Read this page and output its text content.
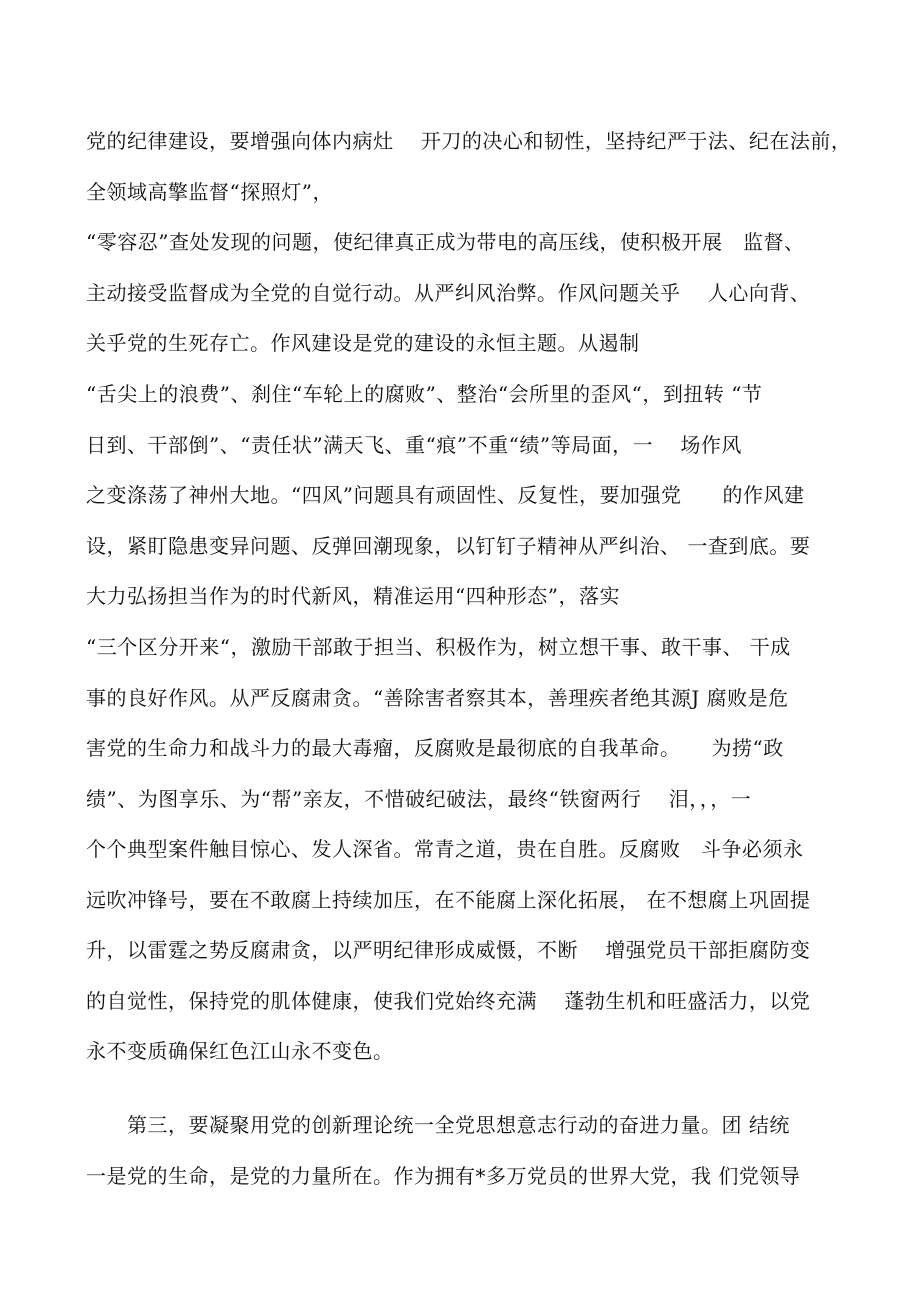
党的纪律建设，要增强向体内病灶　 开刀的决心和韧性，坚持纪严于法、纪在法前，
全领域高擎监督“探照灯”，
“零容忍”查处发现的问题，使纪律真正成为带电的高压线，使积极开展　监督、
主动接受监督成为全党的自觉行动。从严纠风治弊。作风问题关乎　 人心向背、
关乎党的生死存亡。作风建设是党的建设的永恒主题。从遏制
“舌尖上的浪费”、刹住“车轮上的腐败”、整治“会所里的歪风“，到扭转 “节
日到、干部倒”、“责任状”满天飞、重“痕”不重“绩”等局面，一　 场作风
之变涤荡了神州大地。“四风”问题具有顽固性、反复性，要加强党　　的作风建
设，紧盯隐患变异问题、反弹回潮现象，以钉钉子精神从严纠治、 一查到底。要
大力弘扬担当作为的时代新风，精准运用“四种形态”，落实
“三个区分开来“，激励干部敢于担当、积极作为，树立想干事、敢干事、 干成
事的良好作风。从严反腐肃贪。“善除害者察其本，善理疾者绝其源J 腐败是危
害党的生命力和战斗力的最大毒瘤，反腐败是最彻底的自我革命。　　为捞“政
绩”、为图享乐、为“帮”亲友，不惜破纪破法，最终“铁窗两行　 泪，，，一
个个典型案件触目惊心、发人深省。常青之道，贵在自胜。反腐败　斗争必须永
远吹冲锋号，要在不敢腐上持续加压，在不能腐上深化拓展， 在不想腐上巩固提
升，以雷霆之势反腐肃贪，以严明纪律形成威慑，不断　 增强党员干部拒腐防变
的自觉性，保持党的肌体健康，使我们党始终充满　 蓬勃生机和旺盛活力，以党
永不变质确保红色江山永不变色。
　　第三，要凝聚用党的创新理论统一全党思想意志行动的奋进力量。团 结统
一是党的生命，是党的力量所在。作为拥有*多万党员的世界大党，我 们党领导
